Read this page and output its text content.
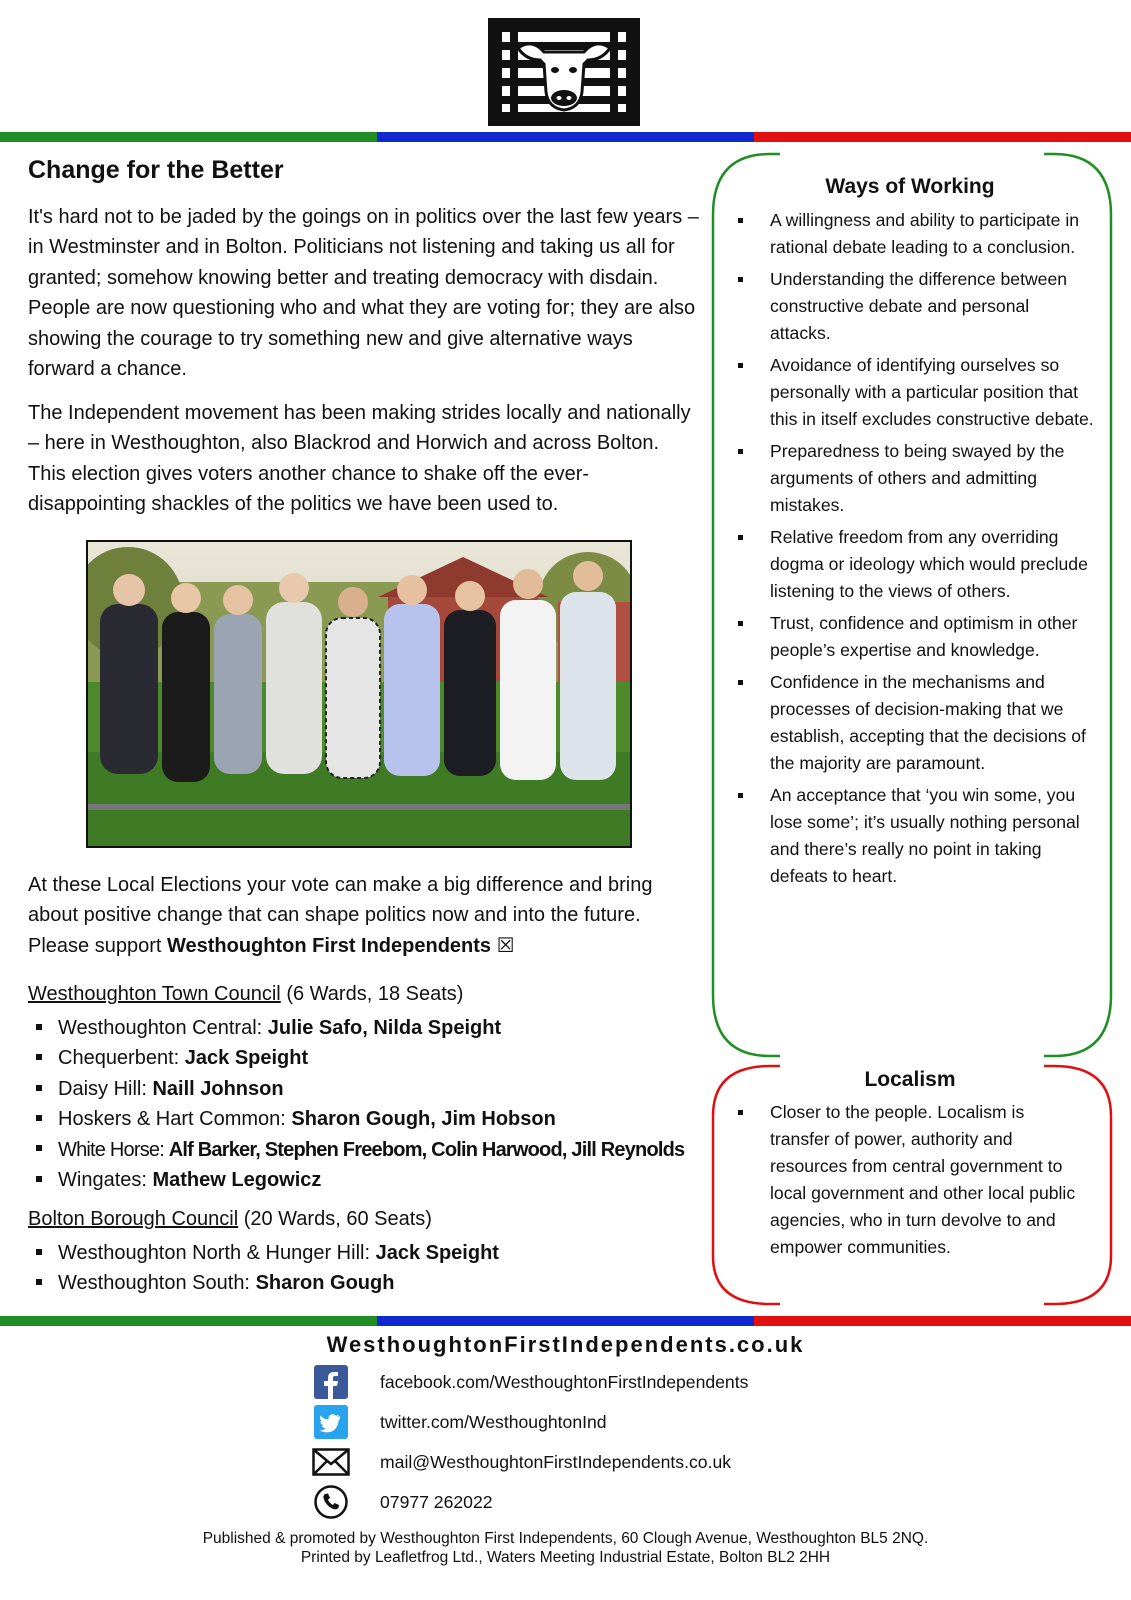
Change for the Better

It's hard not to be jaded by the goings on in politics over the last few years – in Westminster and in Bolton. Politicians not listening and taking us all for granted; somehow knowing better and treating democracy with disdain. People are now questioning who and what they are voting for; they are also showing the courage to try something new and give alternative ways forward a chance.

The Independent movement has been making strides locally and nationally – here in Westhoughton, also Blackrod and Horwich and across Bolton. This election gives voters another chance to shake off the ever-disappointing shackles of the politics we have been used to.

At these Local Elections your vote can make a big difference and bring about positive change that can shape politics now and into the future. Please support Westhoughton First Independents ☒

Westhoughton Town Council (6 Wards, 18 Seats)
Westhoughton Central: Julie Safo, Nilda Speight
Chequerbent: Jack Speight
Daisy Hill: Naill Johnson
Hoskers & Hart Common: Sharon Gough, Jim Hobson
White Horse: Alf Barker, Stephen Freebom, Colin Harwood, Jill Reynolds
Wingates: Mathew Legowicz
Bolton Borough Council (20 Wards, 60 Seats)
Westhoughton North & Hunger Hill: Jack Speight
Westhoughton South: Sharon Gough
Ways of Working
A willingness and ability to participate in rational debate leading to a conclusion.
Understanding the difference between constructive debate and personal attacks.
Avoidance of identifying ourselves so personally with a particular position that this in itself excludes constructive debate.
Preparedness to being swayed by the arguments of others and admitting mistakes.
Relative freedom from any overriding dogma or ideology which would preclude listening to the views of others.
Trust, confidence and optimism in other people’s expertise and knowledge.
Confidence in the mechanisms and processes of decision-making that we establish, accepting that the decisions of the majority are paramount.
An acceptance that ‘you win some, you lose some’; it’s usually nothing personal and there’s really no point in taking defeats to heart.
Localism
Closer to the people. Localism is transfer of power, authority and resources from central government to local government and other local public agencies, who in turn devolve to and empower communities.
WesthoughtonFirstIndependents.co.uk
facebook.com/WesthoughtonFirstIndependents
twitter.com/WesthoughtonInd
mail@WesthoughtonFirstIndependents.co.uk
07977 262022
Published & promoted by Westhoughton First Independents, 60 Clough Avenue, Westhoughton BL5 2NQ.
Printed by Leafletfrog Ltd., Waters Meeting Industrial Estate, Bolton BL2 2HH
